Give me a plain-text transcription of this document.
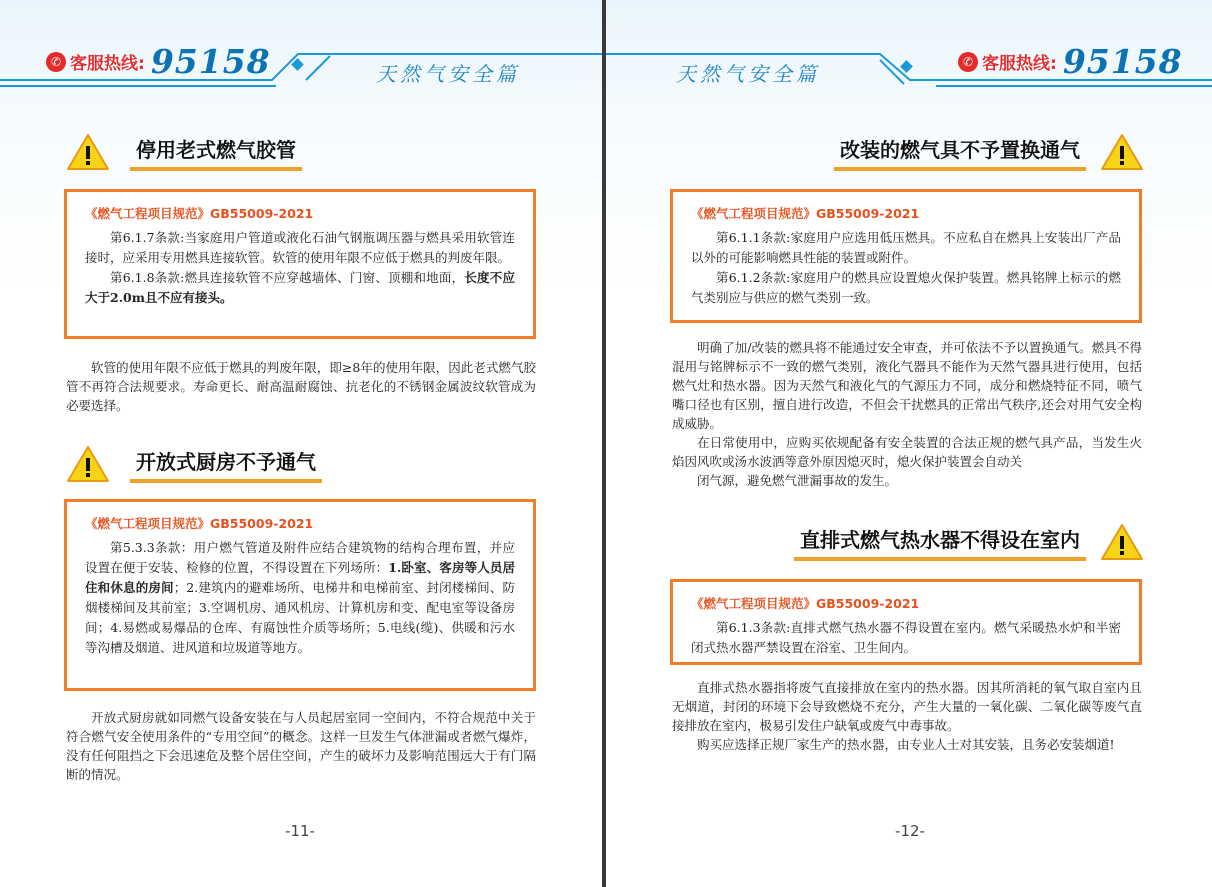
✆ 客服热线: 95158	天然气安全篇
停用老式燃气胶管
《燃气工程项目规范》GB55009-2021

第6.1.7条款:当家庭用户管道或液化石油气钢瓶调压器与燃具采用软管连接时，应采用专用燃具连接软管。软管的使用年限不应低于燃具的判废年限。

第6.1.8条款:燃具连接软管不应穿越墙体、门窗、顶棚和地面，长度不应大于2.0m且不应有接头。

软管的使用年限不应低于燃具的判废年限，即≥8年的使用年限，因此老式燃气胶管不再符合法规要求。寿命更长、耐高温耐腐蚀、抗老化的不锈钢金属波纹软管成为必要选择。

开放式厨房不予通气
《燃气工程项目规范》GB55009-2021

第5.3.3条款：用户燃气管道及附件应结合建筑物的结构合理布置，并应设置在便于安装、检修的位置，不得设置在下列场所：1.卧室、客房等人员居住和休息的房间；2.建筑内的避难场所、电梯井和电梯前室、封闭楼梯间、防烟楼梯间及其前室；3.空调机房、通风机房、计算机房和变、配电室等设备房间；4.易燃或易爆品的仓库、有腐蚀性介质等场所；5.电线(缆)、供暖和污水等沟槽及烟道、进风道和垃圾道等地方。

开放式厨房就如同燃气设备安装在与人员起居室同一空间内，不符合规范中关于符合燃气安全使用条件的“专用空间”的概念。这样一旦发生气体泄漏或者燃气爆炸，没有任何阻挡之下会迅速危及整个居住空间，产生的破坏力及影响范围远大于有门隔断的情况。

-11-
天然气安全篇
✆ 客服热线: 95158
改装的燃气具不予置换通气
《燃气工程项目规范》GB55009-2021

第6.1.1条款:家庭用户应选用低压燃具。不应私自在燃具上安装出厂产品以外的可能影响燃具性能的装置或附件。

第6.1.2条款:家庭用户的燃具应设置熄火保护装置。燃具铭牌上标示的燃气类别应与供应的燃气类别一致。

明确了加/改装的燃具将不能通过安全审查，并可依法不予以置换通气。燃具不得混用与铭牌标示不一致的燃气类别，液化气器具不能作为天然气器具进行使用，包括燃气灶和热水器。因为天然气和液化气的气源压力不同，成分和燃烧特征不同，喷气嘴口径也有区别，擅自进行改造，不但会干扰燃具的正常出气秩序,还会对用气安全构成威胁。

在日常使用中，应购买依规配备有安全装置的合法正规的燃气具产品，当发生火焰因风吹或汤水波洒等意外原因熄灭时，熄火保护装置会自动关

闭气源，避免燃气泄漏事故的发生。

直排式燃气热水器不得设在室内
《燃气工程项目规范》GB55009-2021

第6.1.3条款:直排式燃气热水器不得设置在室内。燃气采暖热水炉和半密闭式热水器严禁设置在浴室、卫生间内。

直排式热水器指将废气直接排放在室内的热水器。因其所消耗的氧气取自室内且无烟道，封闭的环境下会导致燃烧不充分，产生大量的一氧化碳、二氧化碳等废气直接排放在室内，极易引发住户缺氧或废气中毒事故。

购买应选择正规厂家生产的热水器，由专业人士对其安装，且务必安装烟道!

-12-
